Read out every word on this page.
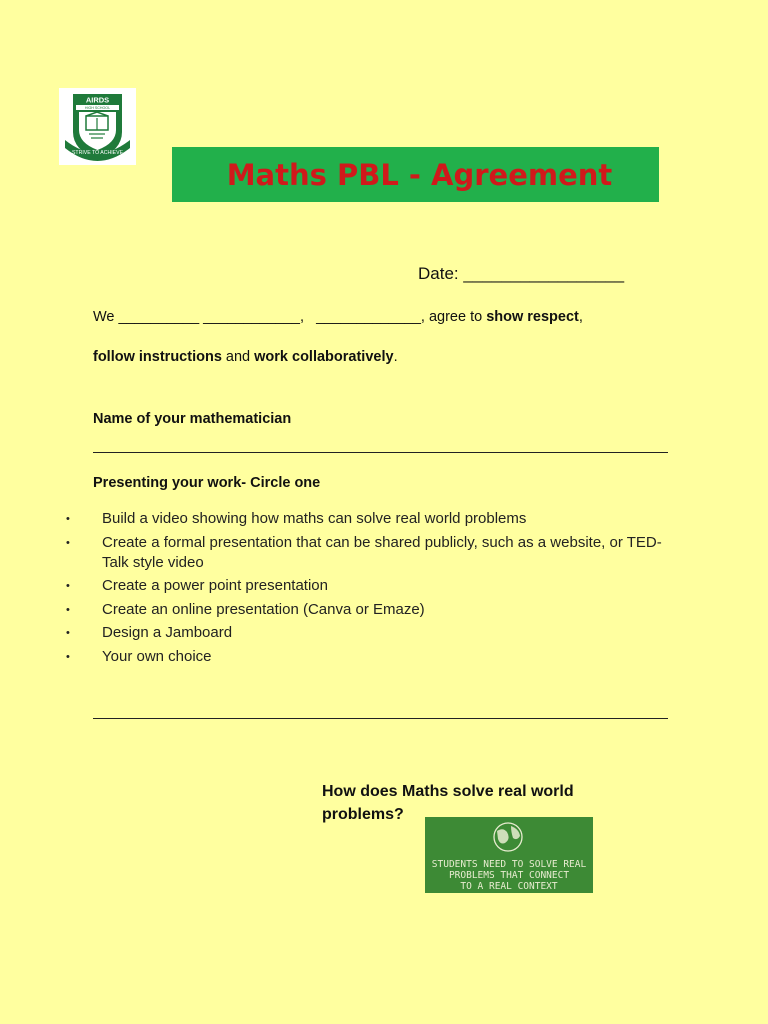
AIRDS
HIGH SCHOOL
STRIVE TO ACHIEVE
Maths PBL - Agreement
Date: _________________
We __________ ____________,   _____________, agree to show respect,
follow instructions and work collaboratively.
Name of your mathematician
Presenting your work- Circle one
• Build a video showing how maths can solve real world problems
• Create a formal presentation that can be shared publicly, such as a website, or TED-Talk style video
• Create a power point presentation
• Create an online presentation (Canva or Emaze)
• Design a Jamboard
• Your own choice
How does Maths solve real world problems?
STUDENTS NEED TO SOLVE REAL
PROBLEMS THAT CONNECT
TO A REAL CONTEXT
